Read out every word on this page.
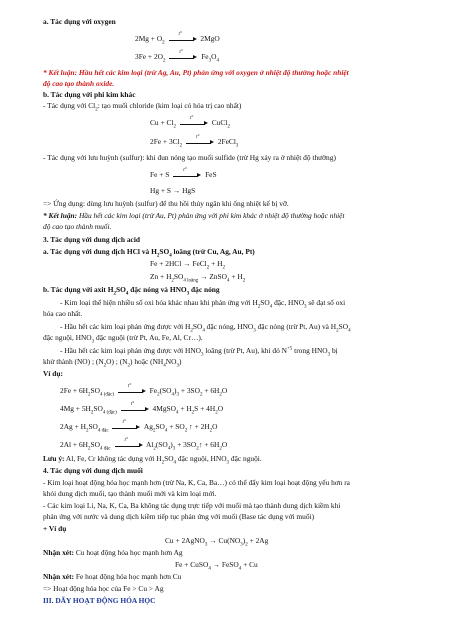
a. Tác dụng với oxygen
$2Mg + O_2$
t° 2MgO
$3Fe + 2O_2$
t° $Fe_3O_4$
* Kết luận: Hầu hết các kim loại (trừ Ag, Au, Pt) phản ứng với oxygen ở nhiệt độ thường hoặc nhiệt
độ cao tạo thành oxide.
b. Tác dụng với phi kim khác
- Tác dụng với $Cl_2$: tạo muối chloride (kim loại có hóa trị cao nhất)
$Cu + Cl_2$
t° CuCl$_2$
$2Fe + 3Cl_2$
t° 2FeCl$_3$
- Tác dụng với lưu huỳnh (sulfur): khi đun nóng tạo muối sulfide (trừ Hg xảy ra ở nhiệt độ thường)
Fe + S t° FeS
Hg + S → HgS
=> Ứng dụng: dùng lưu huỳnh (sulfur) để thu hồi thủy ngân khi ống nhiệt kế bị vỡ.
* Kết luận: Hầu hết các kim loại (trừ Au, Pt) phản ứng với phi kim khác ở nhiệt độ thường hoặc nhiệt
độ cao tạo thành muối.
3. Tác dụng với dung dịch acid
a. Tác dụng với dung dịch HCl và $H_2SO_4$ loãng (trừ Cu, Ag, Au, Pt)
Fe + 2HCl → FeCl$_2$ + $H_2$
$Zn + H_2SO_{4 loãng}$ → ZnSO$_4$ + $H_2$
b. Tác dụng với axit $H_2SO_4$ đặc nóng và $HNO_3$ đặc nóng
- Kim loại thể hiện nhiều số oxi hóa khác nhau khi phản ứng với $H_2SO_4$ đặc, $HNO_3$ sẽ đạt số oxi
hóa cao nhất.
- Hầu hết các kim loại phản ứng được với $H_2SO_4$ đặc nóng, $HNO_3$ đặc nóng (trừ Pt, Au) và $H_2SO_4$
đặc nguội, $HNO_3$ đặc nguội (trừ Pt, Au, Fe, Al, Cr…).
- Hầu hết các kim loại phản ứng được với $HNO_3$ loãng (trừ Pt, Au), khi đó $N^{+5}$ trong $HNO_3$ bị
khử thành (NO) ; $(N_2O)$ ; $(N_2)$ hoặc $(NH_4NO_3)$
Ví dụ:
$2Fe + 6H_2SO_{4 (đặc)}$
t° $Fe_2(SO_4)_3 + 3SO_2 + 6H_2O$
$4Mg + 5H_2SO_{4 (đặc)}$
t° 4MgSO$_4$ + $H_2S + 4H_2O$
$2Ag + H_2SO_{4 đặc}$
t° $Ag_2SO_4 + SO_2$ ↑ + $2H_2O$
$2Al + 6H_2SO_{4 đặc}$
t° $Al_2(SO_4)_3$ + $3SO_2↑ + 6H_2O$
Lưu ý: Al, Fe, Cr không tác dụng với $H_2SO_4$ đặc nguội, $HNO_3$ đặc nguội.
4. Tác dụng với dung dịch muối
- Kim loại hoạt động hóa học mạnh hơn (trừ Na, K, Ca, Ba…) có thể đẩy kim loại hoạt động yếu hơn ra
khỏi dung dịch muối, tạo thành muối mới và kim loại mới.
- Các kim loại Li, Na, K, Ca, Ba không tác dụng trực tiếp với muối mà tạo thành dung dịch kiềm khi
phản ứng với nước và dung dịch kiềm tiếp tục phản ứng với muối (Base tác dụng với muối)
+ Ví dụ
Cu + 2AgNO$_3$ → $Cu(NO_3)_2 + 2Ag$
Nhận xét: Cu hoạt động hóa học mạnh hơn Ag
Fe + CuSO$_4$ → FeSO$_4$ + Cu
Nhận xét: Fe hoạt động hóa học mạnh hơn Cu
=> Hoạt động hóa học của Fe > Cu > Ag
III. DÃY HOẠT ĐỘNG HÓA HỌC
